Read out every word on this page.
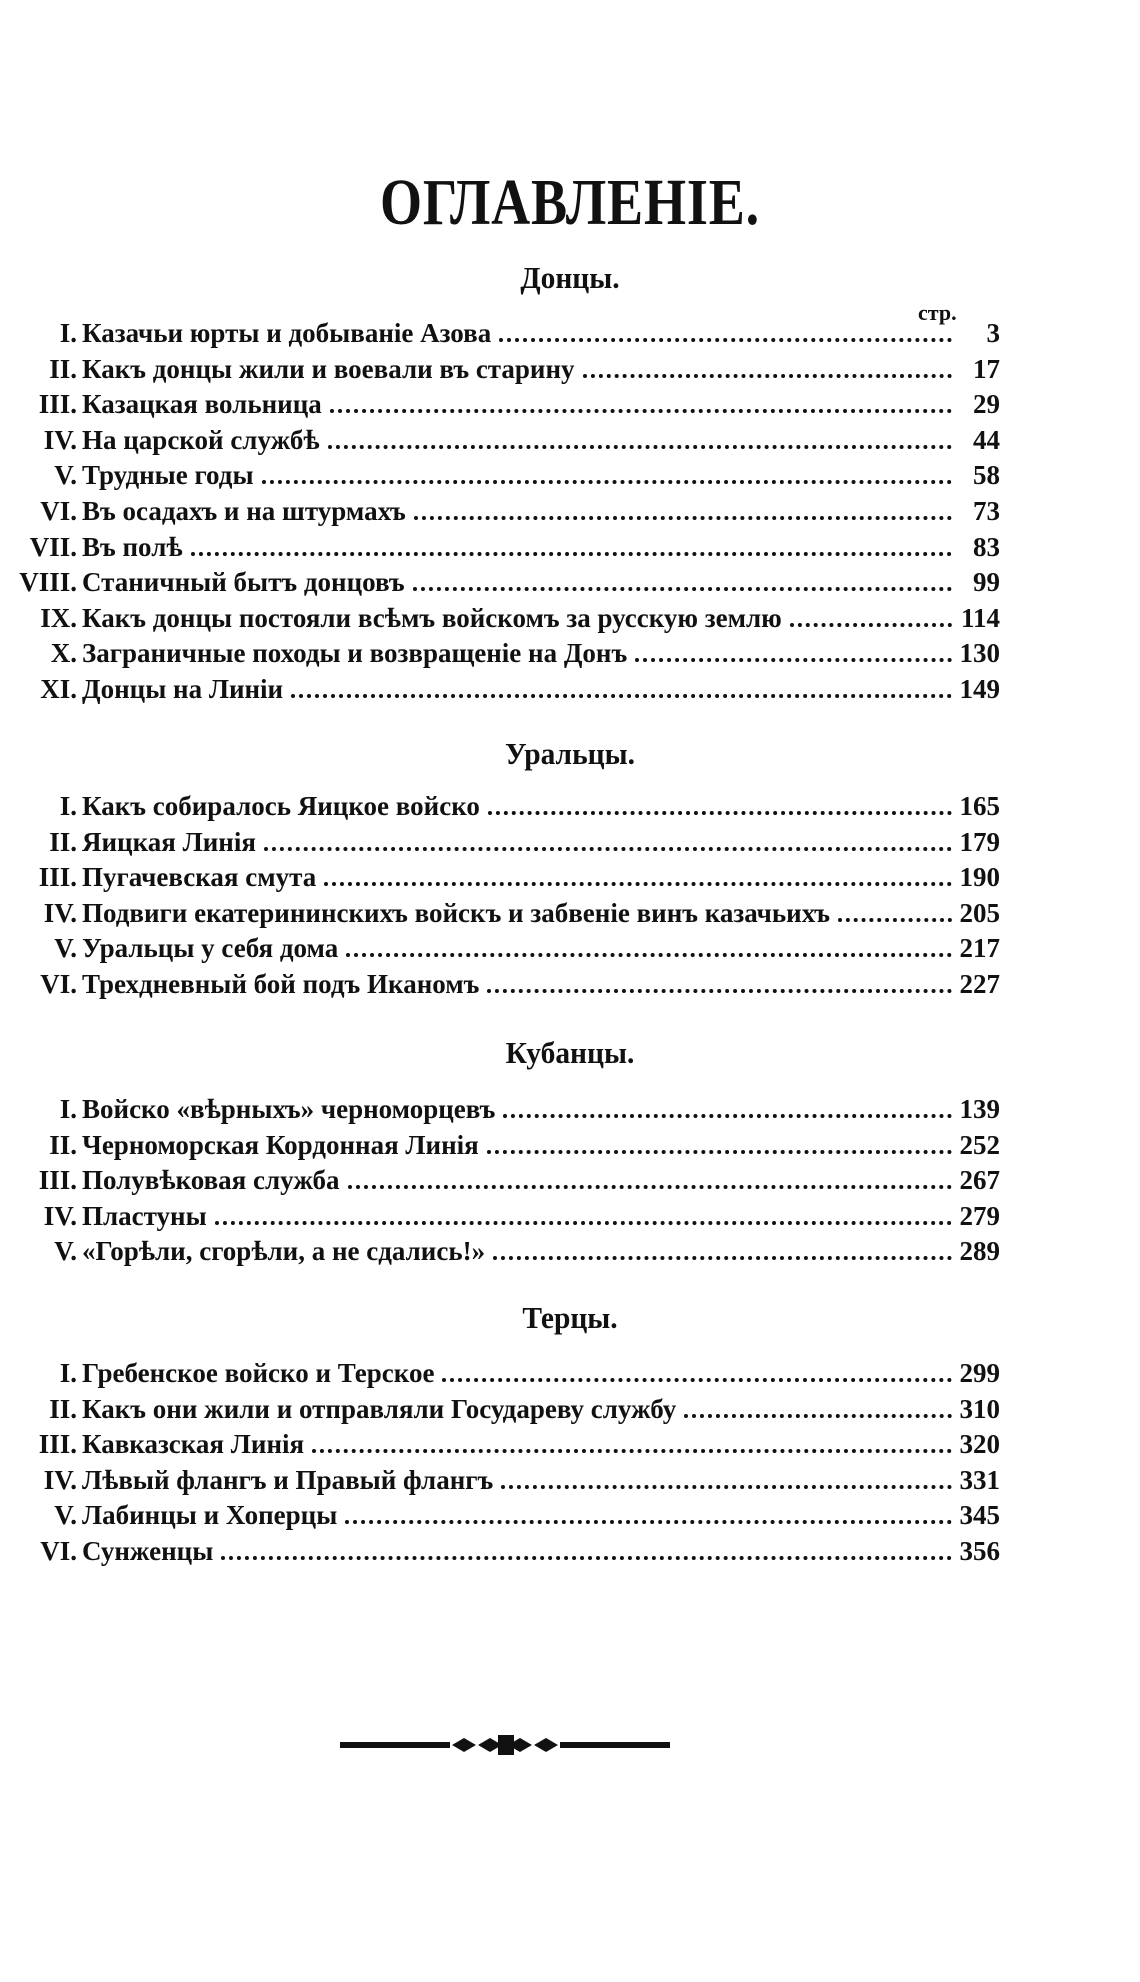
ОГЛАВЛЕНIЕ.
стр.
Донцы.
I. Казачьи юрты и добыванiе Азова	3
II. Какъ донцы жили и воевали въ старину	17
III. Казацкая вольница	29
IV. На царской службѣ	44
V. Трудные годы	58
VI. Въ осадахъ и на штурмахъ	73
VII. Въ полѣ	83
VIII. Станичный бытъ донцовъ	99
IX. Какъ донцы постояли всѣмъ войскомъ за русскую землю	114
X. Заграничные походы и возвращенiе на Донъ	130
XI. Донцы на Линiи	149
Уральцы.
I. Какъ собиралось Яицкое войско	165
II. Яицкая Линiя	179
III. Пугачевская смута	190
IV. Подвиги екатерининскихъ войскъ и забвенiе винъ казачьихъ	205
V. Уральцы у себя дома	217
VI. Трехдневный бой подъ Иканомъ	227
Кубанцы.
I. Войско «вѣрныхъ» черноморцевъ	139
II. Черноморская Кордонная Линiя	252
III. Полувѣковая служба	267
IV. Пластуны	279
V. «Горѣли, сгорѣли, а не сдались!»	289
Терцы.
I. Гребенское войско и Терское	299
II. Какъ они жили и отправляли Государеву службу	310
III. Кавказская Линiя	320
IV. Лѣвый флангъ и Правый флангъ	331
V. Лабинцы и Хоперцы	345
VI. Сунженцы	356
